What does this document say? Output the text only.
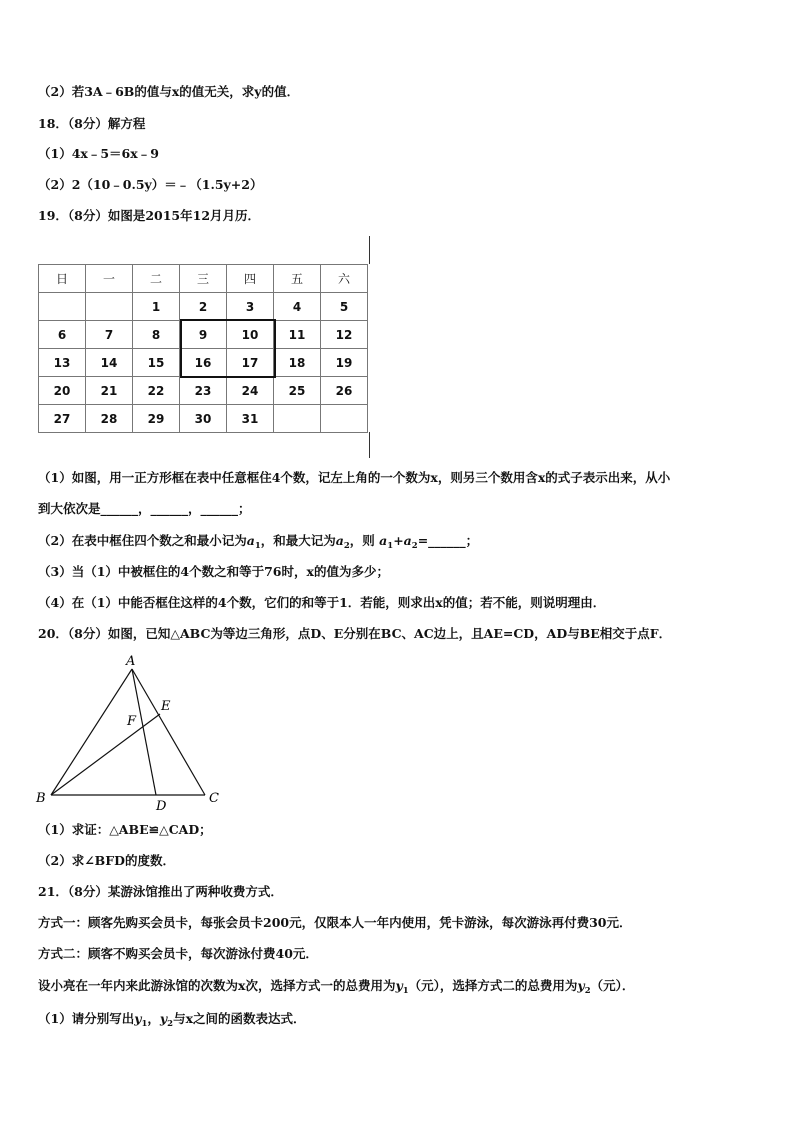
（2）若3A﹣6B的值与x的值无关，求y的值．
18．（8分）解方程
（1）4x﹣5＝6x﹣9
（2）2（10﹣0.5y）＝﹣（1.5y+2）
19．（8分）如图是2015年12月月历．
日	一	二	三	四	五	六
		1	2	3	4	5
6	7	8	9	10	11	12
13	14	15	16	17	18	19
20	21	22	23	24	25	26
27	28	29	30	31		
（1）如图，用一正方形框在表中任意框住4个数，记左上角的一个数为x，则另三个数用含x的式子表示出来，从小
到大依次是______，______，______；
（2）在表中框住四个数之和最小记为$a_1$，和最大记为$a_2$，则 $a_1+a_2=\_\_\_\_\_\_$；
（3）当（1）中被框住的4个数之和等于76时，x的值为多少；
（4）在（1）中能否框住这样的4个数，它们的和等于1．若能，则求出x的值；若不能，则说明理由．
20．（8分）如图，已知△ABC为等边三角形，点D、E分别在BC、AC边上，且AE=CD，AD与BE相交于点F．
A
B	C
D
E
F
（1）求证：△ABE≌△CAD；
（2）求∠BFD的度数．
21．（8分）某游泳馆推出了两种收费方式．
方式一：顾客先购买会员卡，每张会员卡200元，仅限本人一年内使用，凭卡游泳，每次游泳再付费30元．
方式二：顾客不购买会员卡，每次游泳付费40元．
设小亮在一年内来此游泳馆的次数为x次，选择方式一的总费用为$y_1$（元），选择方式二的总费用为$y_2$（元）．
（1）请分别写出$y_1$，$y_2$与x之间的函数表达式．
